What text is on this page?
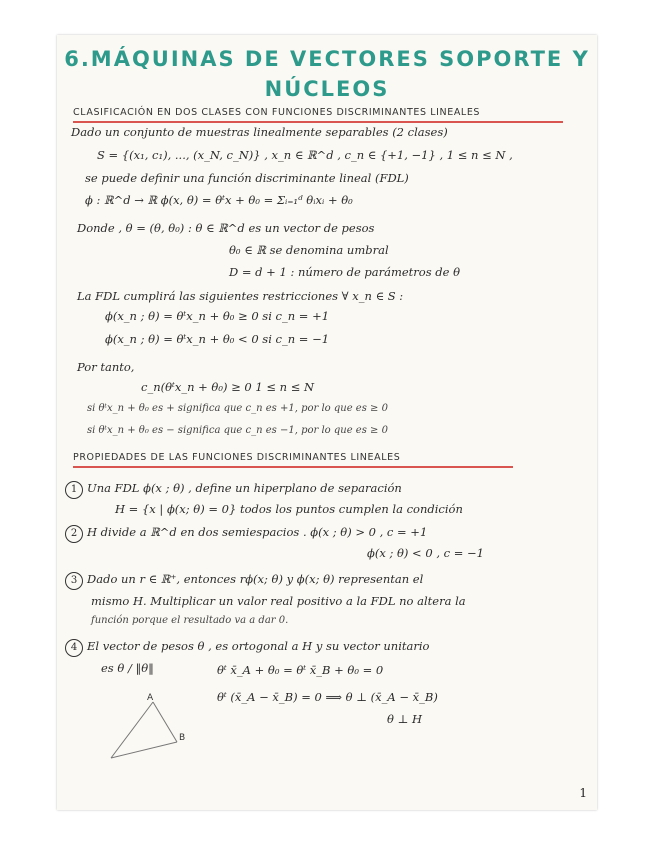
6.MÁQUINAS DE VECTORES SOPORTE Y
NÚCLEOS
CLASIFICACIÓN EN DOS CLASES CON FUNCIONES DISCRIMINANTES LINEALES
Dado un conjunto de muestras linealmente separables (2 clases)
S = {(x₁, c₁), ..., (x_N, c_N)} , x_n ∈ ℝ^d , c_n ∈ {+1, −1} , 1 ≤ n ≤ N ,
se puede definir una función discriminante lineal (FDL)
ϕ : ℝ^d → ℝ ϕ(x, θ) = θᵗx + θ₀ = Σᵢ₌₁ᵈ θᵢxᵢ + θ₀
Donde , θ = (θ, θ₀) : θ ∈ ℝ^d es un vector de pesos
θ₀ ∈ ℝ se denomina umbral
D = d + 1 : número de parámetros de θ
La FDL cumplirá las siguientes restricciones ∀ x_n ∈ S :
ϕ(x_n ; θ) = θᵗx_n + θ₀ ≥ 0 si c_n = +1
ϕ(x_n ; θ) = θᵗx_n + θ₀ < 0 si c_n = −1
Por tanto,
c_n(θᵗx_n + θ₀) ≥ 0 1 ≤ n ≤ N
si θᵗx_n + θ₀ es + significa que c_n es +1, por lo que es ≥ 0
si θᵗx_n + θ₀ es − significa que c_n es −1, por lo que es ≥ 0
PROPIEDADES DE LAS FUNCIONES DISCRIMINANTES LINEALES
1 Una FDL ϕ(x ; θ) , define un hiperplano de separación
H = {x | ϕ(x; θ) = 0} todos los puntos cumplen la condición
2 H divide a ℝ^d en dos semiespacios . ϕ(x ; θ) > 0 , c = +1
ϕ(x ; θ) < 0 , c = −1
3 Dado un r ∈ ℝ⁺, entonces rϕ(x; θ) y ϕ(x; θ) representan el
mismo H. Multiplicar un valor real positivo a la FDL no altera la
función porque el resultado va a dar 0.
4 El vector de pesos θ , es ortogonal a H y su vector unitario
es θ / ‖θ‖	θᵗ x̄_A + θ₀ = θᵗ x̄_B + θ₀ = 0
θᵗ (x̄_A − x̄_B) = 0 ⟹ θ ⊥ (x̄_A − x̄_B)
θ ⊥ H
A
B
1
